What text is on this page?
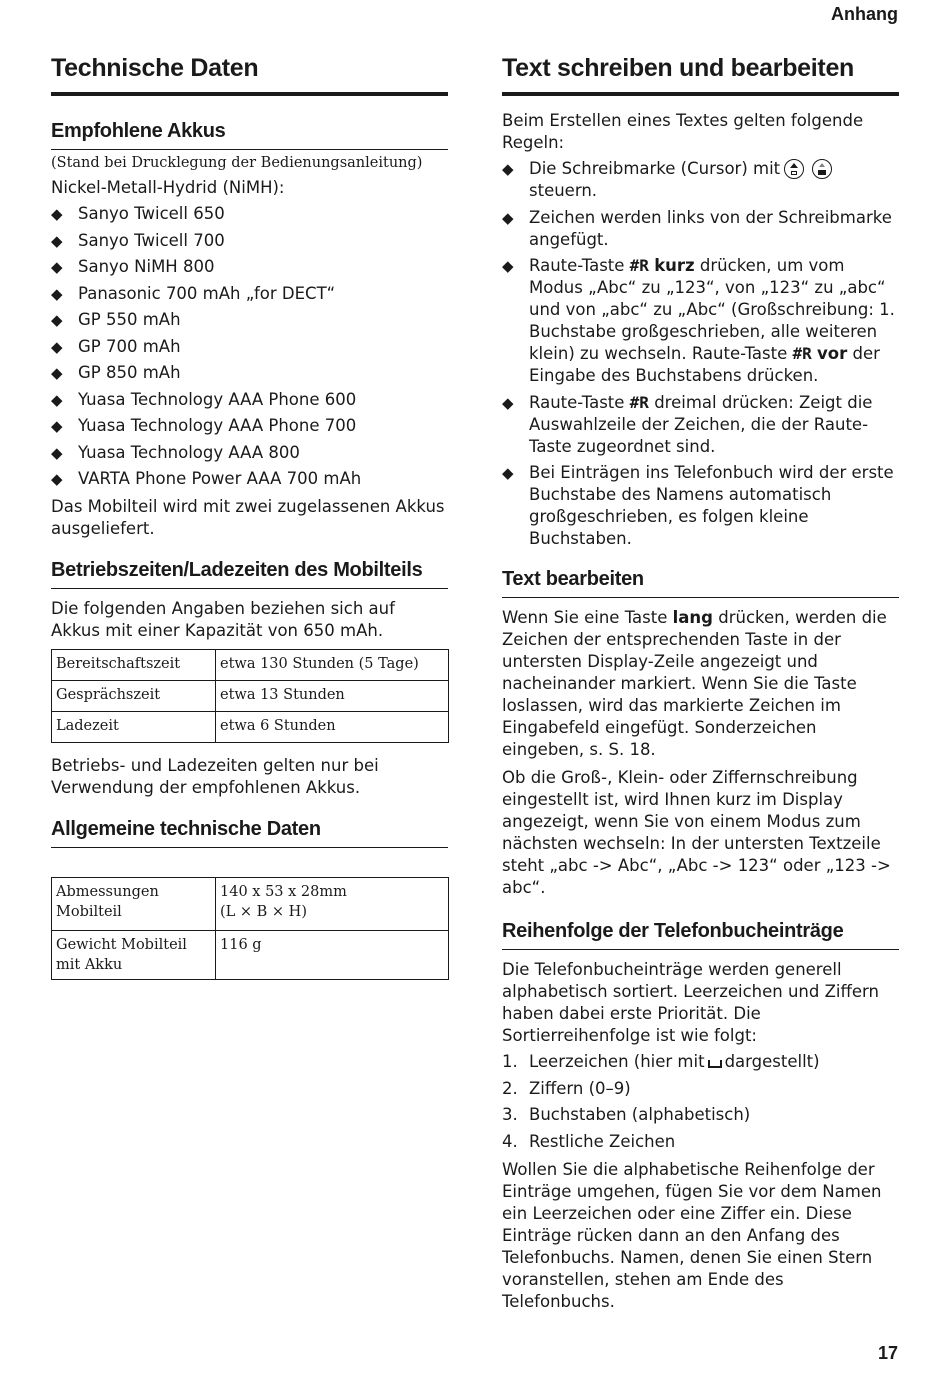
Anhang
Technische Daten
Empfohlene Akkus

(Stand bei Drucklegung der Bedienungsanleitung)

Nickel-Metall-Hydrid (NiMH):

◆ Sanyo Twicell 650
◆ Sanyo Twicell 700
◆ Sanyo NiMH 800
◆ Panasonic 700 mAh „for DECT“
◆ GP 550 mAh
◆ GP 700 mAh
◆ GP 850 mAh
◆ Yuasa Technology AAA Phone 600
◆ Yuasa Technology AAA Phone 700
◆ Yuasa Technology AAA 800
◆ VARTA Phone Power AAA 700 mAh

Das Mobilteil wird mit zwei zugelassenen Akkus ausgeliefert.

Betriebszeiten/Ladezeiten des Mobilteils

Die folgenden Angaben beziehen sich auf Akkus mit einer Kapazität von 650 mAh.

Bereitschaftszeit	etwa 130 Stunden (5 Tage)
Gesprächszeit	etwa 13 Stunden
Ladezeit	etwa 6 Stunden

Betriebs- und Ladezeiten gelten nur bei Verwendung der empfohlenen Akkus.

Allgemeine technische Daten
Abmessungen
Mobilteil	140 x 53 x 28mm
(L × B × H)
Gewicht Mobilteil
mit Akku	116 g
Text schreiben und bearbeiten

Beim Erstellen eines Textes gelten folgende Regeln:

◆ Die Schreibmarke (Cursor) mit
steuern.
◆ Zeichen werden links von der Schreibmarke angefügt.
◆ Raute-Taste #R kurz drücken, um vom Modus „Abc“ zu „123“, von „123“ zu „abc“ und von „abc“ zu „Abc“ (Großschreibung: 1. Buchstabe großgeschrieben, alle weiteren klein) zu wechseln. Raute-Taste #R vor der Eingabe des Buchstabens drücken.
◆ Raute-Taste #R dreimal drücken: Zeigt die Auswahlzeile der Zeichen, die der Raute-Taste zugeordnet sind.
◆ Bei Einträgen ins Telefonbuch wird der erste Buchstabe des Namens automatisch großgeschrieben, es folgen kleine Buchstaben.
Text bearbeiten

Wenn Sie eine Taste lang drücken, werden die Zeichen der entsprechenden Taste in der untersten Display-Zeile angezeigt und nacheinander markiert. Wenn Sie die Taste loslassen, wird das markierte Zeichen im Eingabefeld eingefügt. Sonderzeichen eingeben, s. S. 18.

Ob die Groß-, Klein- oder Ziffernschreibung eingestellt ist, wird Ihnen kurz im Display angezeigt, wenn Sie von einem Modus zum nächsten wechseln: In der untersten Textzeile steht „abc -> Abc“, „Abc -> 123“ oder „123 -> abc“.

Reihenfolge der Telefonbucheinträge

Die Telefonbucheinträge werden generell alphabetisch sortiert. Leerzeichen und Ziffern haben dabei erste Priorität. Die Sortierreihenfolge ist wie folgt:

1. Leerzeichen (hier mit dargestellt)
2. Ziffern (0–9)
3. Buchstaben (alphabetisch)
4. Restliche Zeichen

Wollen Sie die alphabetische Reihenfolge der Einträge umgehen, fügen Sie vor dem Namen ein Leerzeichen oder eine Ziffer ein. Diese Einträge rücken dann an den Anfang des Telefonbuchs. Namen, denen Sie einen Stern voranstellen, stehen am Ende des Telefonbuchs.

17
